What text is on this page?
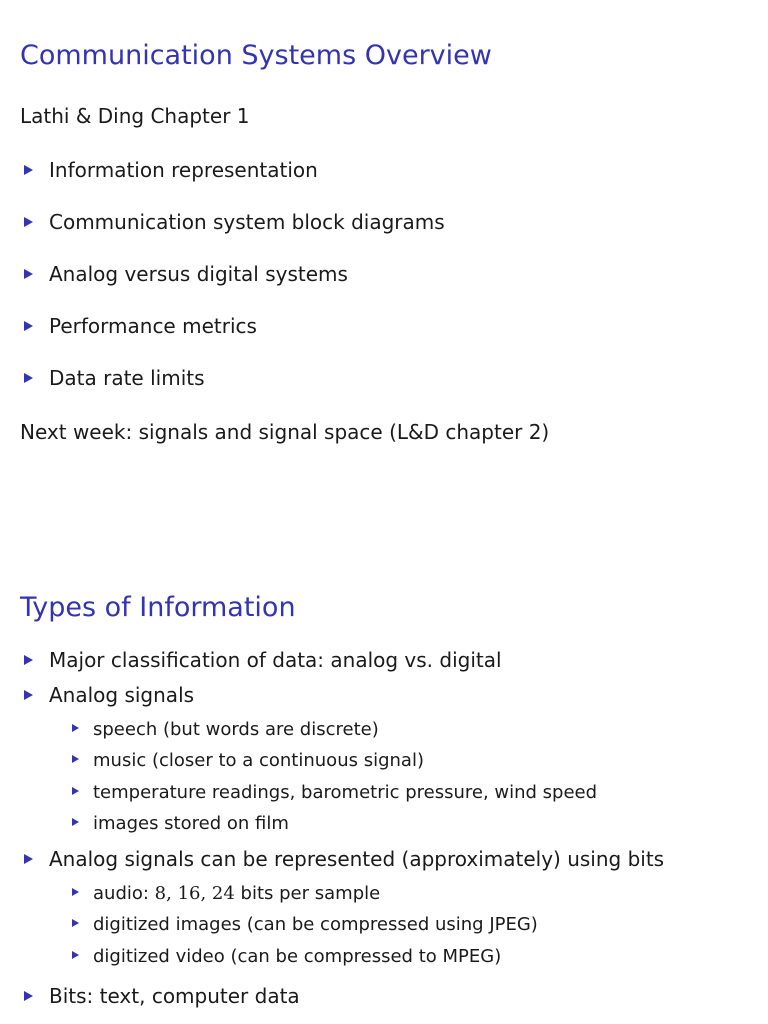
Communication Systems Overview
Lathi & Ding Chapter 1
Information representation
Communication system block diagrams
Analog versus digital systems
Performance metrics
Data rate limits
Next week: signals and signal space (L&D chapter 2)
Types of Information
Major classification of data: analog vs. digital
Analog signals
speech (but words are discrete)
music (closer to a continuous signal)
temperature readings, barometric pressure, wind speed
images stored on film
Analog signals can be represented (approximately) using bits
audio: 8, 16, 24 bits per sample
digitized images (can be compressed using JPEG)
digitized video (can be compressed to MPEG)
Bits: text, computer data
